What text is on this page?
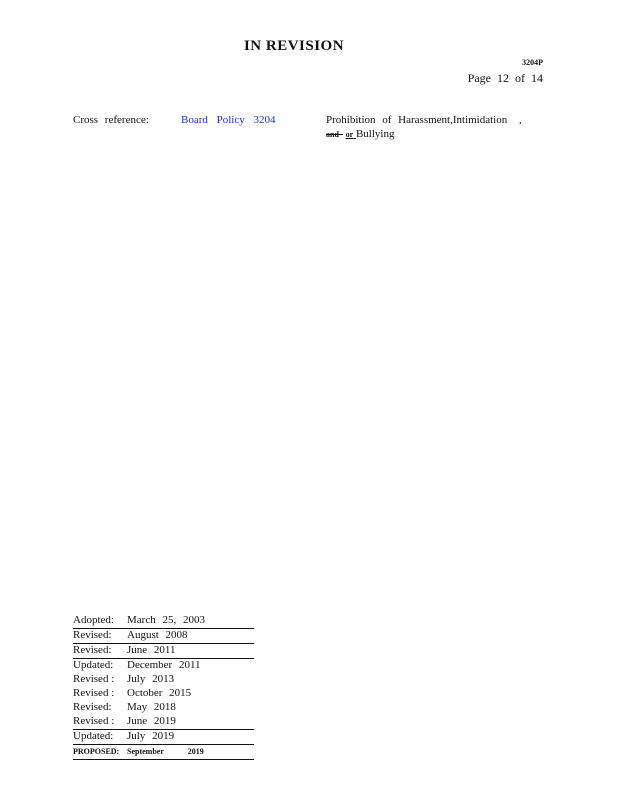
IN REVISION
3204P
Page 12 of 14
Cross reference:	Board Policy 3204	Prohibition of Harassment,Intimidation ,
and or Bullying
Adopted: March 25, 2003
Revised: August 2008
Revised: June 2011
Updated: December 2011
Revised : July 2013
Revised : October 2015
Revised: May 2018
Revised : June 2019
Updated: July 2019
PROPOSED: September 2019
